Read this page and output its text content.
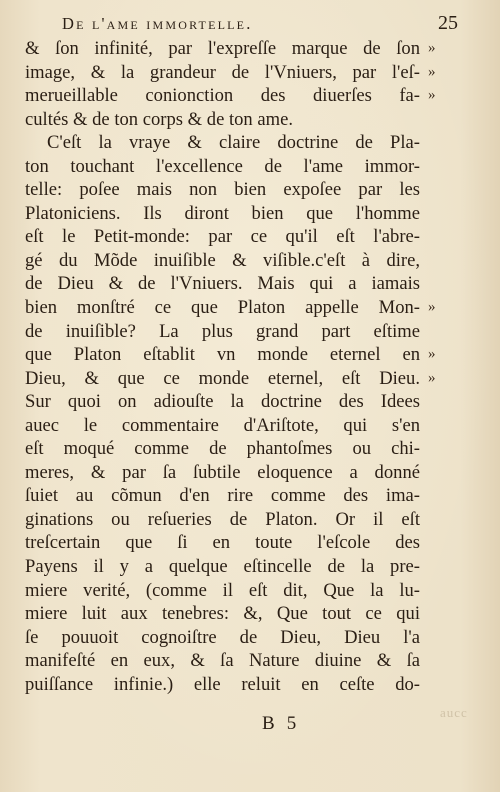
De l'ame immortelle.	25
& ſon infinité, par l'expreſſe marque de ſon
image, & la grandeur de l'Vniuers, par l'eſ-
merueillable conionction des diuerſes fa-
cultés & de ton corps & de ton ame.
C'eſt la vraye & claire doctrine de Pla-
ton touchant l'excellence de l'ame immor-
telle: poſee mais non bien expoſee par les
Platoniciens. Ils diront bien que l'homme
eſt le Petit-monde: par ce qu'il eſt l'abre-
gé du Mõde inuiſible & viſible.c'eſt à dire,
de Dieu & de l'Vniuers. Mais qui a iamais
bien monſtré ce que Platon appelle Mon-
de inuiſible? La plus grand part eſtime
que Platon eſtablit vn monde eternel en
Dieu, & que ce monde eternel, eſt Dieu.
Sur quoi on adiouſte la doctrine des Idees
auec le commentaire d'Ariſtote, qui s'en
eſt moqué comme de phantoſmes ou chi-
meres, & par ſa ſubtile eloquence a donné
ſuiet au cõmun d'en rire comme des ima-
ginations ou reſueries de Platon. Or il eſt
treſcertain que ſi en toute l'eſcole des
Payens il y a quelque eſtincelle de la pre-
miere verité, (comme il eſt dit, Que la lu-
miere luit aux tenebres: &, Que tout ce qui
ſe pouuoit cognoiſtre de Dieu, Dieu l'a
manifeſté en eux, & ſa Nature diuine & ſa
puiſſance infinie.) elle reluit en ceſte do-
»
»
»
»
»
»
B 5
aucc
